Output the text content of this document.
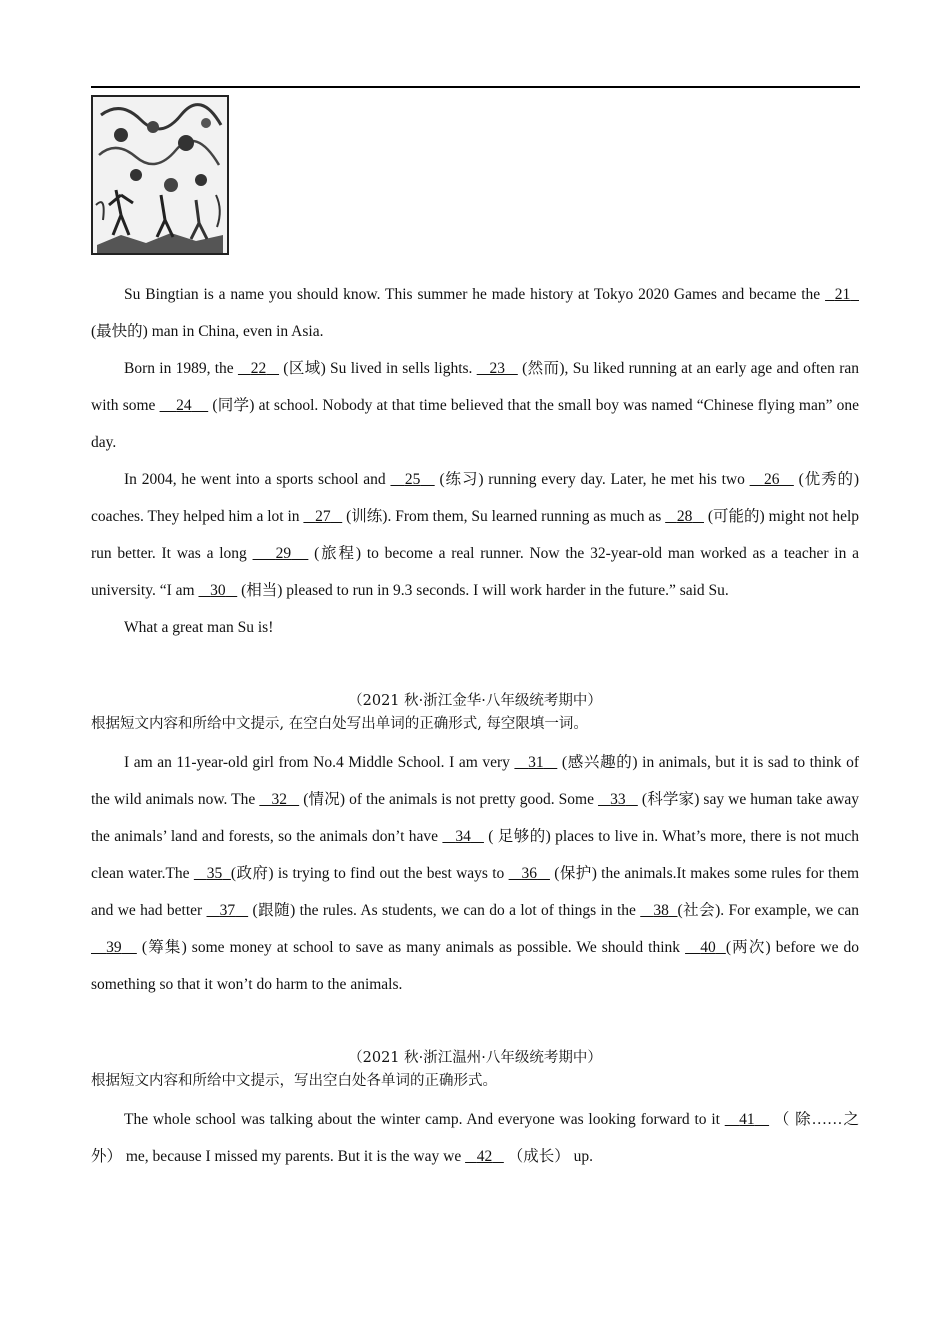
Su Bingtian is a name you should know. This summer he made history at Tokyo 2020 Games and became the   21   (最快的) man in China, even in Asia.

Born in 1989, the    22    (区域) Su lived in sells lights.    23    (然而), Su liked running at an early age and often ran with some     24     (同学) at school. Nobody at that time believed that the small boy was named “Chinese flying man” one day.

In 2004, he went into a sports school and    25    (练习) running every day. Later, he met his two    26    (优秀的) coaches. They helped him a lot in    27    (训练). From them, Su learned running as much as    28    (可能的) might not help run better. It was a long     29    (旅程) to become a real runner. Now the 32-year-old man worked as a teacher in a university. “I am    30    (相当) pleased to run in 9.3 seconds. I will work harder in the future.” said Su.

What a great man Su is!

（2021 秋·浙江金华·八年级统考期中）

根据短文内容和所给中文提示, 在空白处写出单词的正确形式, 每空限填一词。

I am an 11-year-old girl from No.4 Middle School. I am very    31    (感兴趣的) in animals, but it is sad to think of the wild animals now. The    32    (情况) of the animals is not pretty good. Some    33    (科学家) say we human take away the animals’ land and forests, so the animals don’t have    34    ( 足够的) places to live in. What’s more, there is not much clean water.The    35 (政府) is trying to find out the best ways to    36    (保护) the animals.It makes some rules for them and we had better    37    (跟随) the rules. As students, we can do a lot of things in the    38 (社会). For example, we can    39    (筹集) some money at school to save as many animals as possible. We should think    40 (两次) before we do something so that it won’t do harm to the animals.

（2021 秋·浙江温州·八年级统考期中）

根据短文内容和所给中文提示，写出空白处各单词的正确形式。

The whole school was talking about the winter camp. And everyone was looking forward to it    41    （ 除……之外） me, because I missed my parents. But it is the way we    42    （成长） up.
